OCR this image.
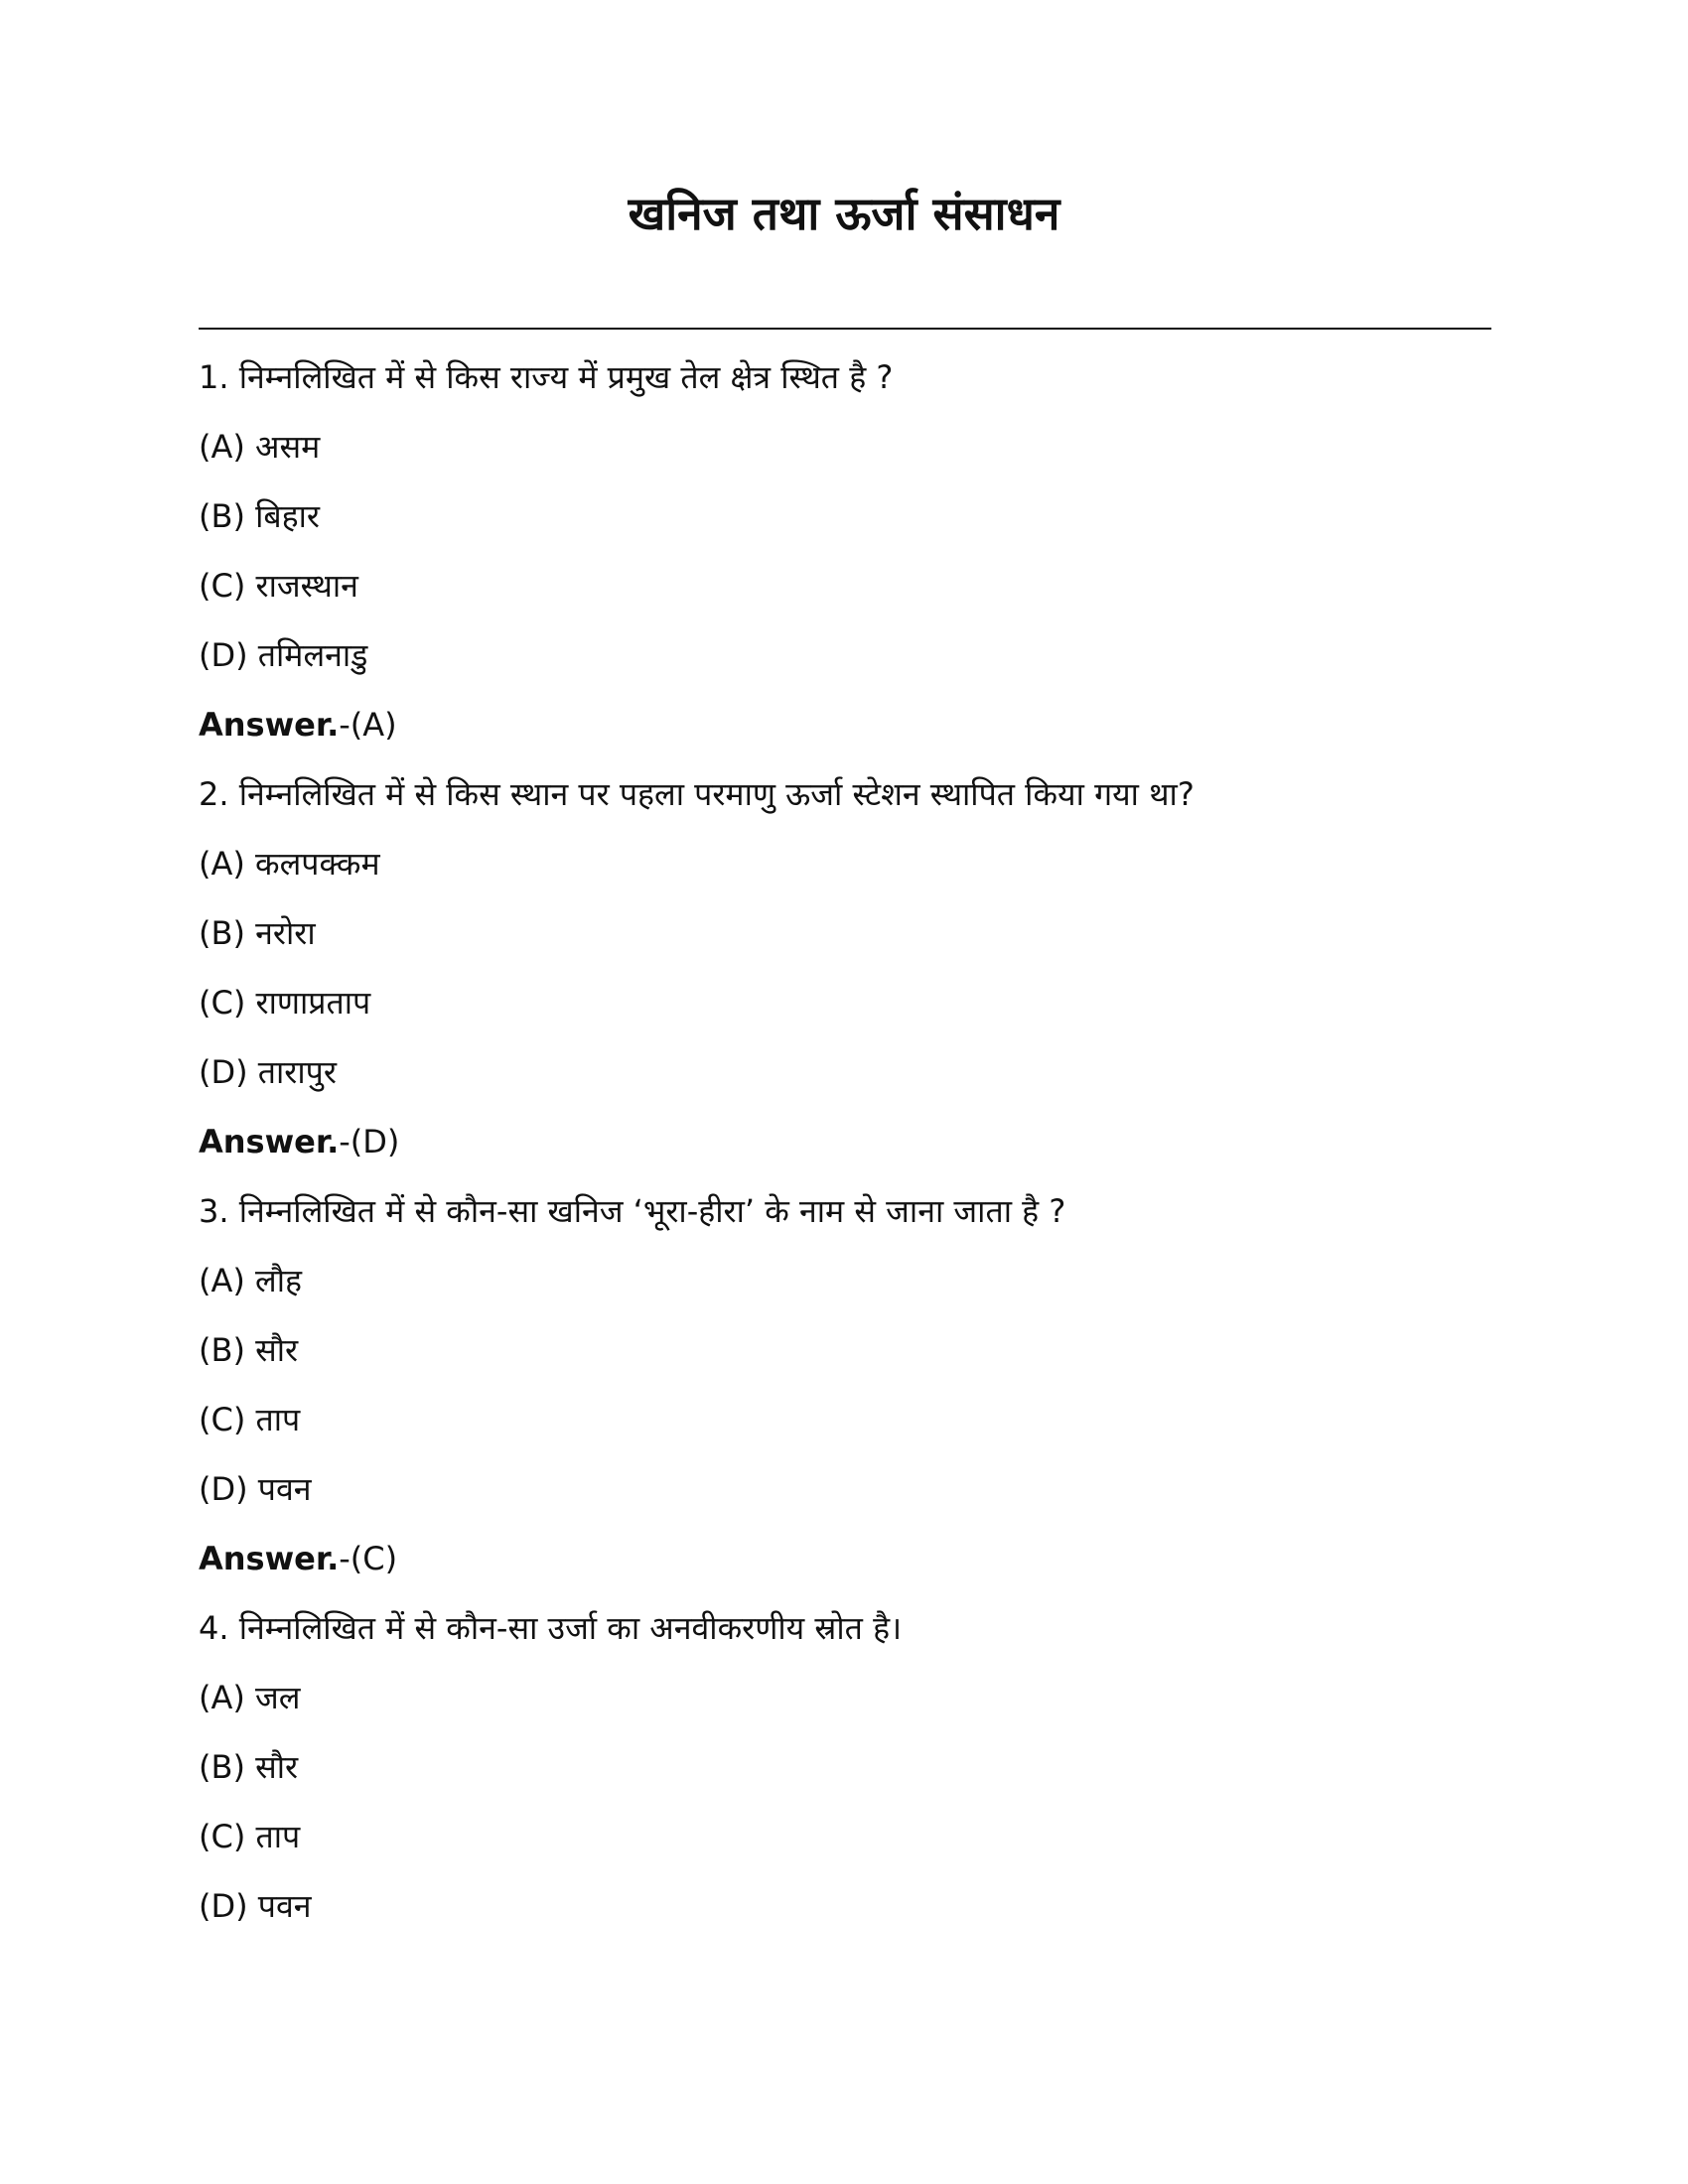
खनिज तथा ऊर्जा संसाधन
1. निम्नलिखित में से किस राज्य में प्रमुख तेल क्षेत्र स्थित है ?
(A) असम
(B) बिहार
(C) राजस्थान
(D) तमिलनाडु
Answer.-(A)
2. निम्नलिखित में से किस स्थान पर पहला परमाणु ऊर्जा स्टेशन स्थापित किया गया था?
(A) कलपक्कम
(B) नरोरा
(C) राणाप्रताप
(D) तारापुर
Answer.-(D)
3. निम्नलिखित में से कौन-सा खनिज ‘भूरा-हीरा’ के नाम से जाना जाता है ?
(A) लौह
(B) सौर
(C) ताप
(D) पवन
Answer.-(C)
4. निम्नलिखित में से कौन-सा उर्जा का अनवीकरणीय स्रोत है।
(A) जल
(B) सौर
(C) ताप
(D) पवन
